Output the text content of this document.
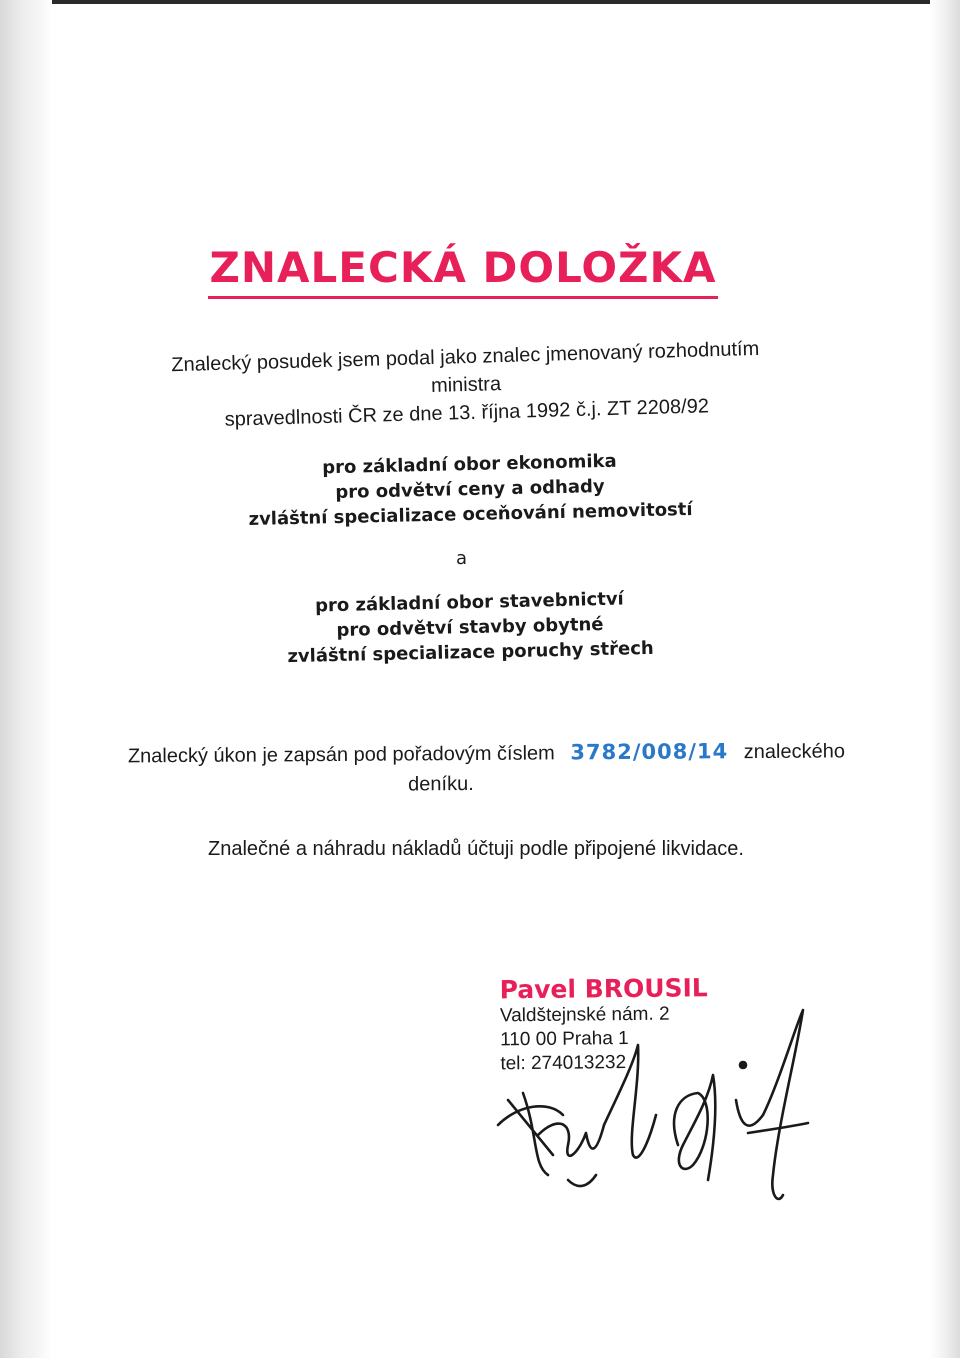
ZNALECKÁ DOLOŽKA
Znalecký posudek jsem podal jako znalec jmenovaný rozhodnutím ministra
spravedlnosti ČR ze dne 13. října 1992 č.j. ZT 2208/92
pro základní obor ekonomika
pro odvětví ceny a odhady
zvláštní specializace oceňování nemovitostí
a
pro základní obor stavebnictví
pro odvětví stavby obytné
zvláštní specializace poruchy střech
Znalecký úkon je zapsán pod pořadovým číslem 3782/008/14 znaleckého
deníku.
Znalečné a náhradu nákladů účtuji podle připojené likvidace.
Pavel BROUSIL
Valdštejnské nám. 2
110 00 Praha 1
tel: 274013232
